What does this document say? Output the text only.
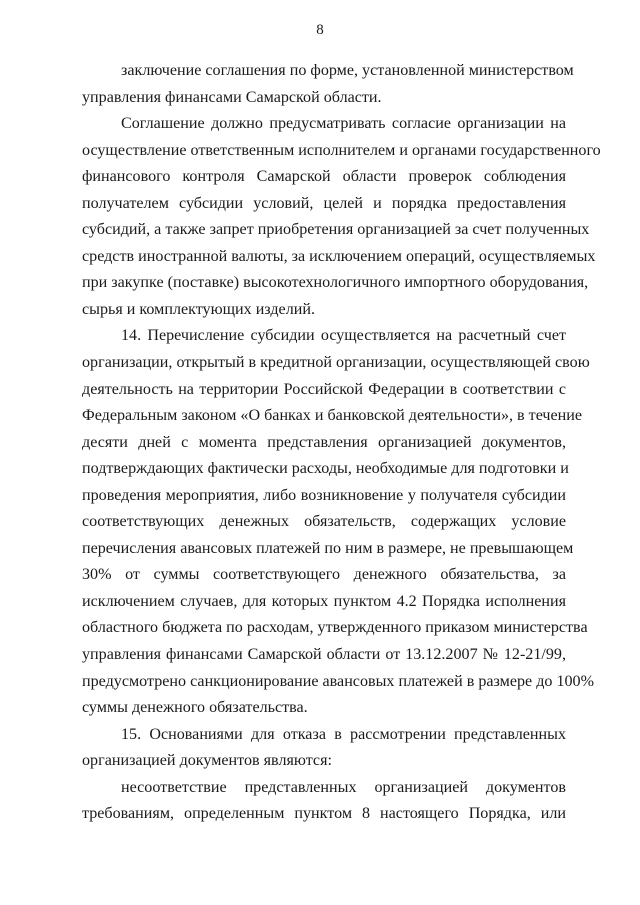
8

заключение соглашения по форме, установленной министерством
управления финансами Самарской области.

Соглашение должно предусматривать согласие организации на
осуществление ответственным исполнителем и органами государственного
финансового контроля Самарской области проверок соблюдения
получателем субсидии условий, целей и порядка предоставления
субсидий, а также запрет приобретения организацией за счет полученных
средств иностранной валюты, за исключением операций, осуществляемых
при закупке (поставке) высокотехнологичного импортного оборудования,
сырья и комплектующих изделий.

14. Перечисление субсидии осуществляется на расчетный счет
организации, открытый в кредитной организации, осуществляющей свою
деятельность на территории Российской Федерации в соответствии с
Федеральным законом «О банках и банковской деятельности», в течение
десяти дней с момента представления организацией документов,
подтверждающих фактически расходы, необходимые для подготовки и
проведения мероприятия, либо возникновение у получателя субсидии
соответствующих денежных обязательств, содержащих условие
перечисления авансовых платежей по ним в размере, не превышающем
30% от суммы соответствующего денежного обязательства, за
исключением случаев, для которых пунктом 4.2 Порядка исполнения
областного бюджета по расходам, утвержденного приказом министерства
управления финансами Самарской области от 13.12.2007 № 12-21/99,
предусмотрено санкционирование авансовых платежей в размере до 100%
суммы денежного обязательства.

15. Основаниями для отказа в рассмотрении представленных
организацией документов являются:

несоответствие представленных организацией документов
требованиям, определенным пунктом 8 настоящего Порядка, или
